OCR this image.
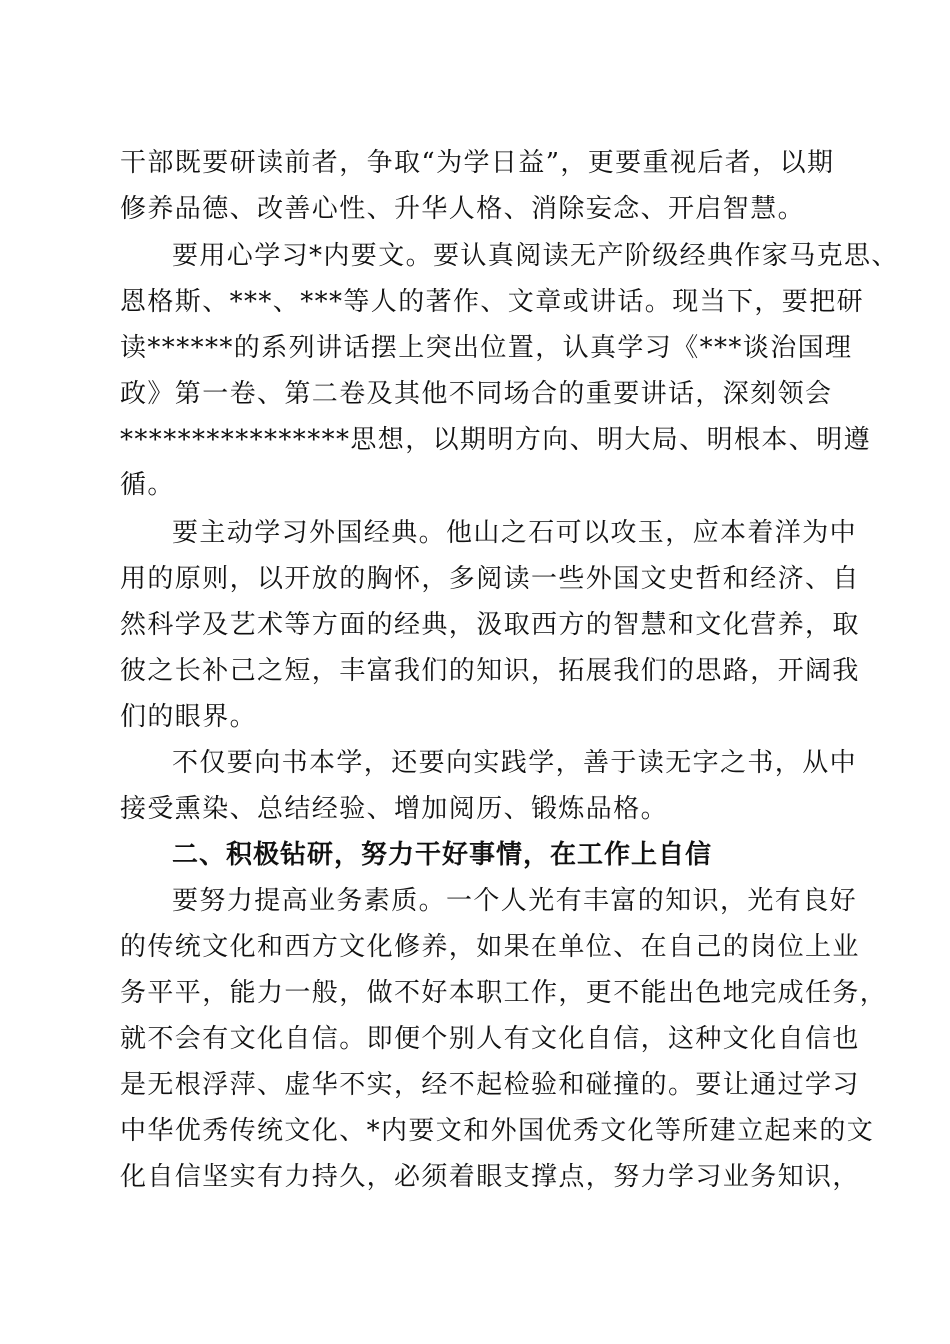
干部既要研读前者，争取“为学日益”，更要重视后者，以期
修养品德、改善心性、升华人格、消除妄念、开启智慧。
要用心学习*内要文。要认真阅读无产阶级经典作家马克思、
恩格斯、***、***等人的著作、文章或讲话。现当下，要把研
读******的系列讲话摆上突出位置，认真学习《***谈治国理
政》第一卷、第二卷及其他不同场合的重要讲话，深刻领会
****************思想，以期明方向、明大局、明根本、明遵
循。
要主动学习外国经典。他山之石可以攻玉，应本着洋为中
用的原则，以开放的胸怀，多阅读一些外国文史哲和经济、自
然科学及艺术等方面的经典，汲取西方的智慧和文化营养，取
彼之长补己之短，丰富我们的知识，拓展我们的思路，开阔我
们的眼界。
不仅要向书本学，还要向实践学，善于读无字之书，从中
接受熏染、总结经验、增加阅历、锻炼品格。
二、积极钻研，努力干好事情，在工作上自信
要努力提高业务素质。一个人光有丰富的知识，光有良好
的传统文化和西方文化修养，如果在单位、在自己的岗位上业
务平平，能力一般，做不好本职工作，更不能出色地完成任务，
就不会有文化自信。即便个别人有文化自信，这种文化自信也
是无根浮萍、虚华不实，经不起检验和碰撞的。要让通过学习
中华优秀传统文化、*内要文和外国优秀文化等所建立起来的文
化自信坚实有力持久，必须着眼支撑点，努力学习业务知识，
